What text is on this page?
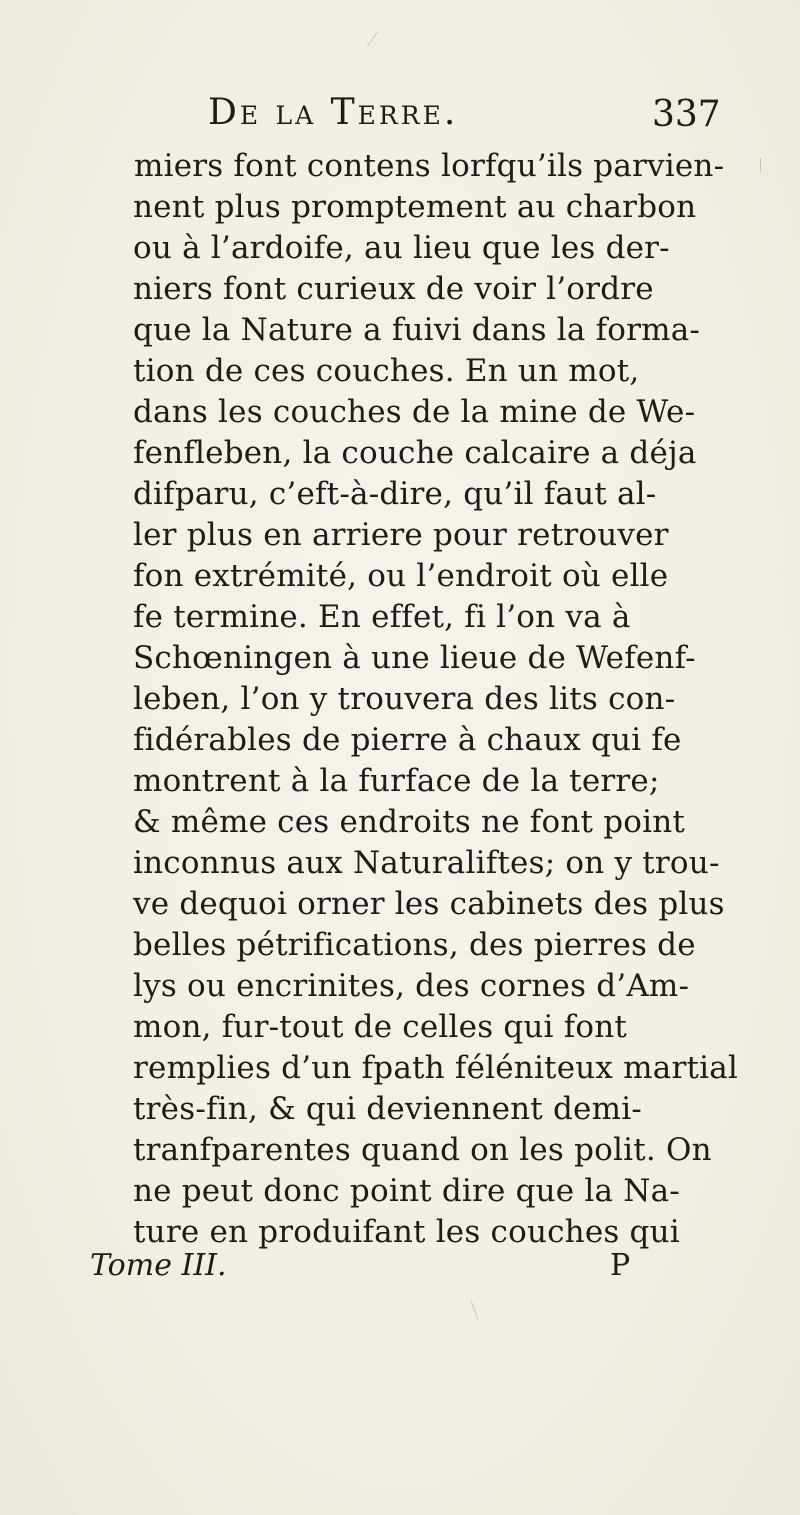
De la Terre.	337
miers font contens lorfqu’ils parvien-
nent plus promptement au charbon
ou à l’ardoife, au lieu que les der-
niers font curieux de voir l’ordre
que la Nature a fuivi dans la forma-
tion de ces couches. En un mot,
dans les couches de la mine de We-
fenfleben, la couche calcaire a déja
difparu, c’eft-à-dire, qu’il faut al-
ler plus en arriere pour retrouver
fon extrémité, ou l’endroit où elle
fe termine. En effet, fi l’on va à
Schœningen à une lieue de Wefenf-
leben, l’on y trouvera des lits con-
fidérables de pierre à chaux qui fe
montrent à la furface de la terre;
& même ces endroits ne font point
inconnus aux Naturaliftes; on y trou-
ve dequoi orner les cabinets des plus
belles pétrifications, des pierres de
lys ou encrinites, des cornes d’Am-
mon, fur-tout de celles qui font
remplies d’un fpath féléniteux martial
très-fin, & qui deviennent demi-
tranfparentes quand on les polit. On
ne peut donc point dire que la Na-
ture en produifant les couches qui
Tome III.	P
